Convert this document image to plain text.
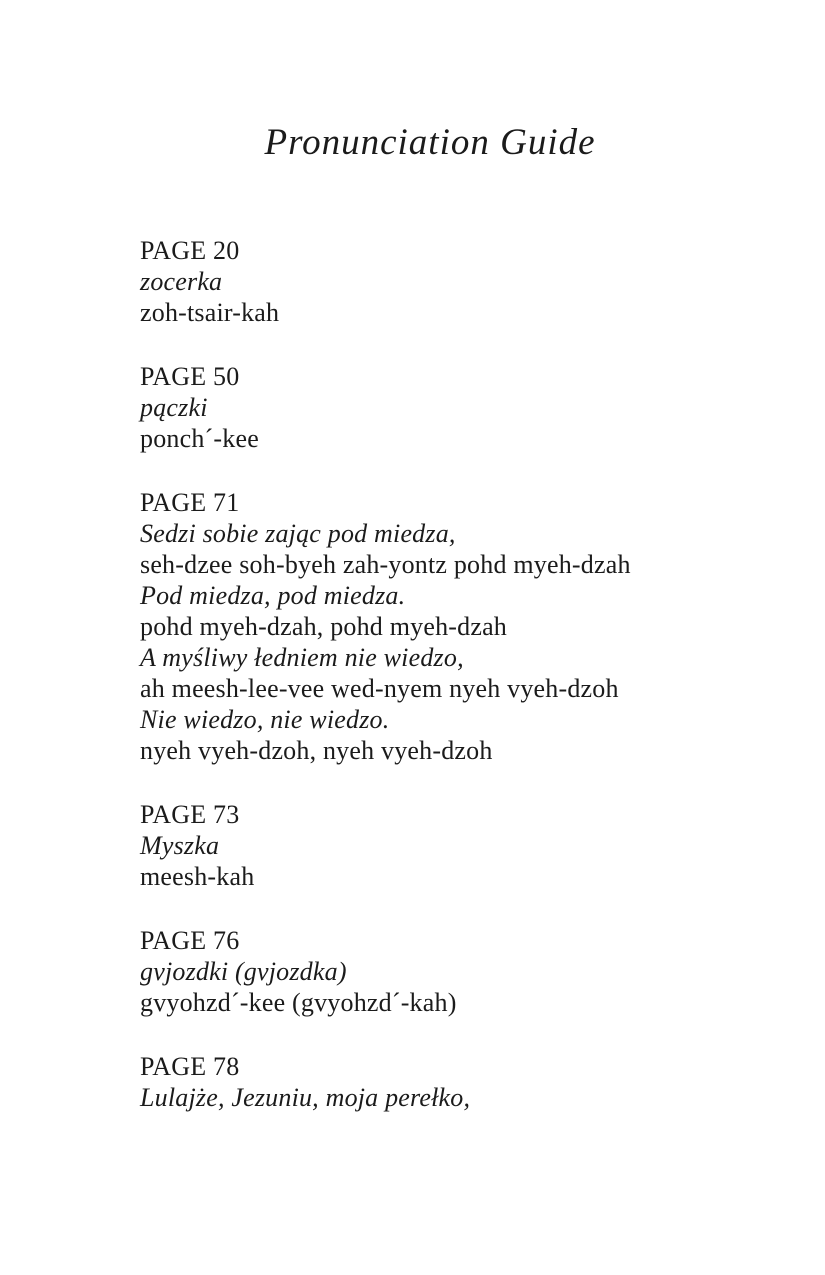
Pronunciation Guide

PAGE 20

zocerka

zoh-tsair-kah

PAGE 50

pączki

ponch´-kee

PAGE 71

Sedzi sobie zając pod miedza,

seh-dzee soh-byeh zah-yontz pohd myeh-dzah

Pod miedza, pod miedza.

pohd myeh-dzah, pohd myeh-dzah

A myśliwy łedniem nie wiedzo,

ah meesh-lee-vee wed-nyem nyeh vyeh-dzoh

Nie wiedzo, nie wiedzo.

nyeh vyeh-dzoh, nyeh vyeh-dzoh

PAGE 73

Myszka

meesh-kah

PAGE 76

gvjozdki (gvjozdka)

gvyohzd´-kee (gvyohzd´-kah)

PAGE 78

Lulajże, Jezuniu, moja perełko,
